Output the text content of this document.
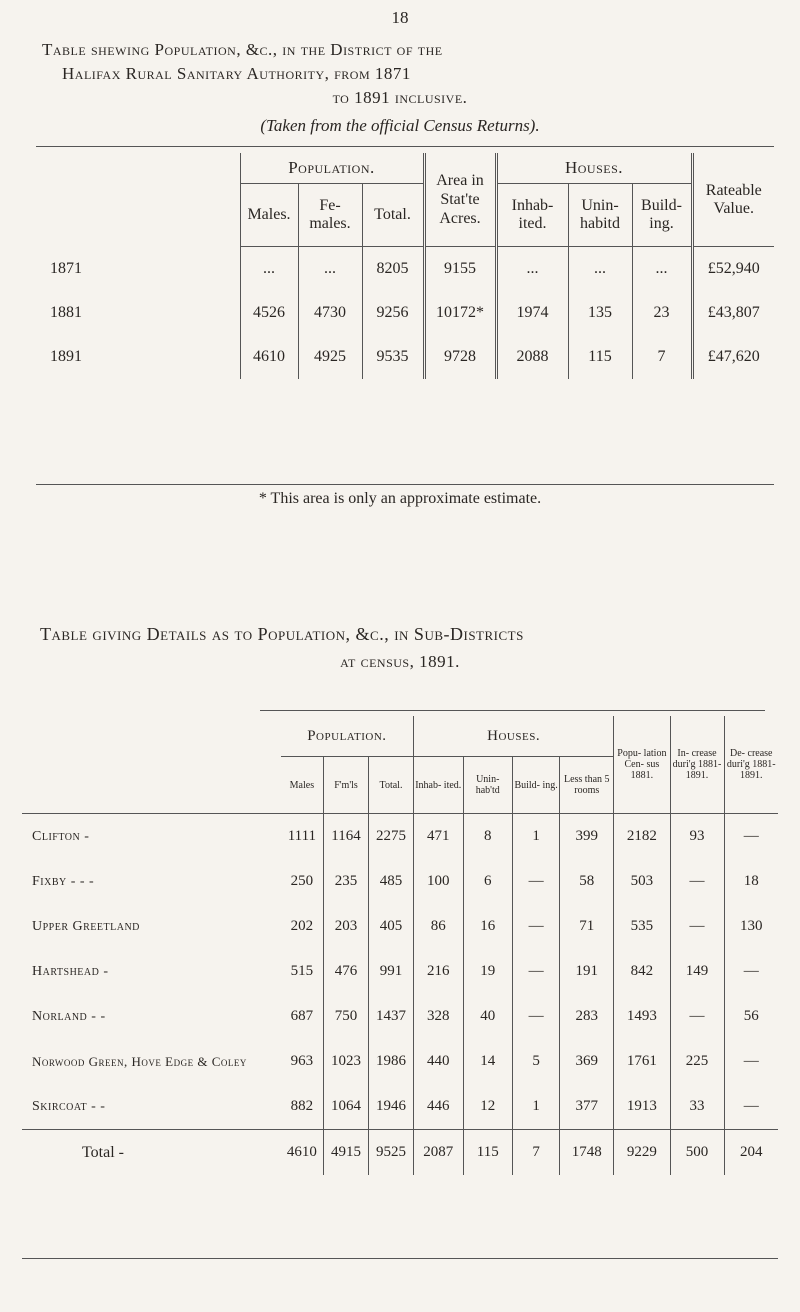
18
Table shewing Population, &c., in the District of the
Halifax Rural Sanitary Authority, from 1871
to 1891 inclusive.
(Taken from the official Census Returns).
	Population.			Area in Stat'te Acres.	Houses.			Rateable Value.
	Males.	Fe- males.	Total.		Inhab- ited.	Unin- habitd	Build- ing.	
1871	...	...	8205	9155	...	...	...	£52,940
1881	4526	4730	9256	10172*	1974	135	23	£43,807
1891	4610	4925	9535	9728	2088	115	7	£47,620
* This area is only an approximate estimate.
Table giving Details as to Population, &c., in Sub-Districts
at census, 1891.
	Population.			Houses.				Popu- lation Cen- sus 1881.	In- crease duri'g 1881- 1891.	De- crease duri'g 1881- 1891.
	Males	F'm'ls	Total.	Inhab- ited.	Unin- hab'td	Build- ing.	Less than 5 rooms			
Clifton -	1111	1164	2275	471	8	1	399	2182	93	—
Fixby - - -	250	235	485	100	6	—	58	503	—	18
Upper Greetland	202	203	405	86	16	—	71	535	—	130
Hartshead -	515	476	991	216	19	—	191	842	149	—
Norland - -	687	750	1437	328	40	—	283	1493	—	56
Norwood Green, Hove Edge & Coley	963	1023	1986	440	14	5	369	1761	225	—
Skircoat - -	882	1064	1946	446	12	1	377	1913	33	—
Total -	4610	4915	9525	2087	115	7	1748	9229	500	204
